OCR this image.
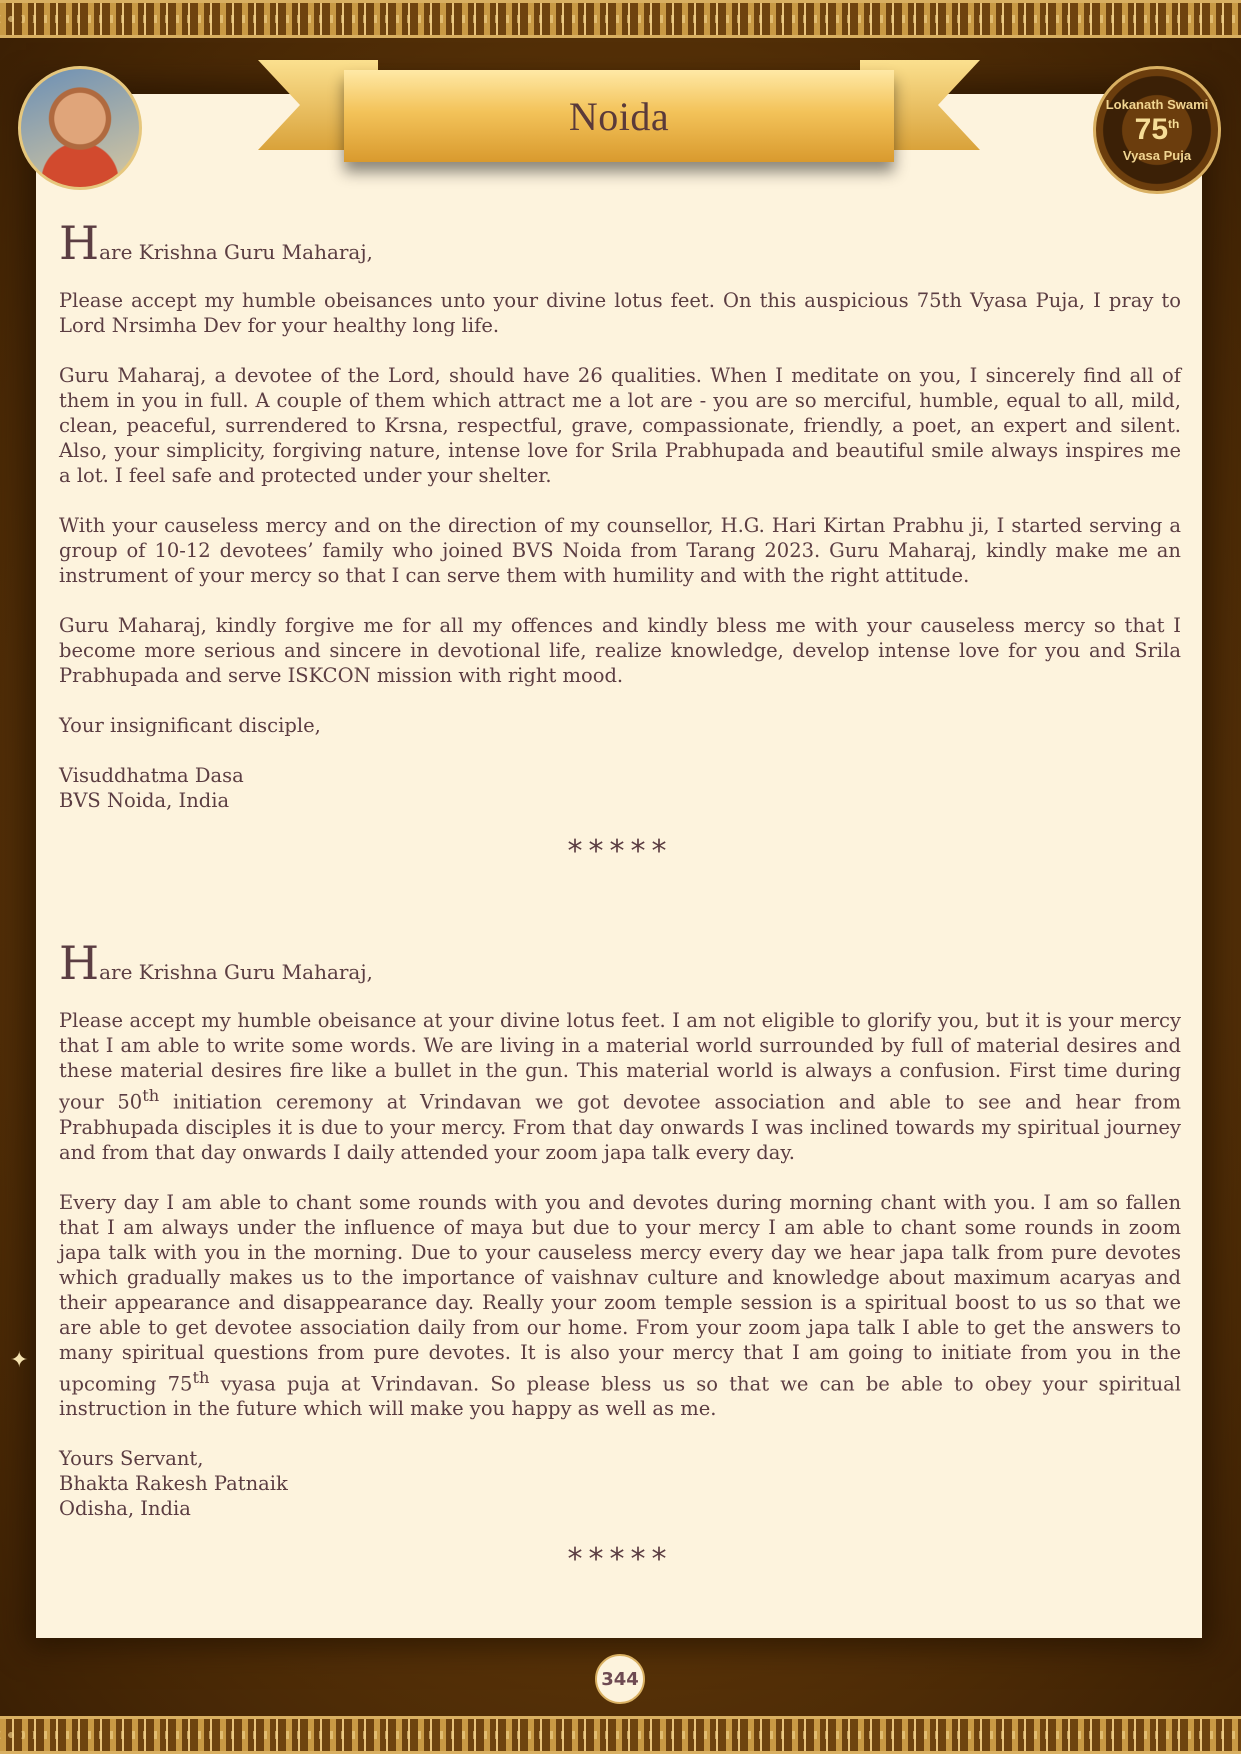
Noida	Lokanath Swami
75th
Vyasa Puja

Hare Krishna Guru Maharaj,

Please accept my humble obeisances unto your divine lotus feet. On this auspicious 75th Vyasa Puja, I pray to Lord Nrsimha Dev for your healthy long life.

Guru Maharaj, a devotee of the Lord, should have 26 qualities. When I meditate on you, I sincerely find all of them in you in full. A couple of them which attract me a lot are - you are so merciful, humble, equal to all, mild, clean, peaceful, surrendered to Krsna, respectful, grave, compassionate, friendly, a poet, an expert and silent. Also, your simplicity, forgiving nature, intense love for Srila Prabhupada and beautiful smile always inspires me a lot. I feel safe and protected under your shelter.

With your causeless mercy and on the direction of my counsellor, H.G. Hari Kirtan Prabhu ji, I started serving a group of 10-12 devotees’ family who joined BVS Noida from Tarang 2023. Guru Maharaj, kindly make me an instrument of your mercy so that I can serve them with humility and with the right attitude.

Guru Maharaj, kindly forgive me for all my offences and kindly bless me with your causeless mercy so that I become more serious and sincere in devotional life, realize knowledge, develop intense love for you and Srila Prabhupada and serve ISKCON mission with right mood.

Your insignificant disciple,

Visuddhatma Dasa

BVS Noida, India

*****

Hare Krishna Guru Maharaj,

Please accept my humble obeisance at your divine lotus feet. I am not eligible to glorify you, but it is your mercy that I am able to write some words. We are living in a material world surrounded by full of material desires and these material desires fire like a bullet in the gun. This material world is always a confusion. First time during your 50th initiation ceremony at Vrindavan we got devotee association and able to see and hear from Prabhupada disciples it is due to your mercy. From that day onwards I was inclined towards my spiritual journey and from that day onwards I daily attended your zoom japa talk every day.

Every day I am able to chant some rounds with you and devotes during morning chant with you. I am so fallen that I am always under the influence of maya but due to your mercy I am able to chant some rounds in zoom japa talk with you in the morning. Due to your causeless mercy every day we hear japa talk from pure devotes which gradually makes us to the importance of vaishnav culture and knowledge about maximum acaryas and their appearance and disappearance day. Really your zoom temple session is a spiritual boost to us so that we are able to get devotee association daily from our home. From your zoom japa talk I able to get the answers to many spiritual questions from pure devotes. It is also your mercy that I am going to initiate from you in the upcoming 75th vyasa puja at Vrindavan. So please bless us so that we can be able to obey your spiritual instruction in the future which will make you happy as well as me.

Yours Servant,

Bhakta Rakesh Patnaik

Odisha, India

*****
✦
344
